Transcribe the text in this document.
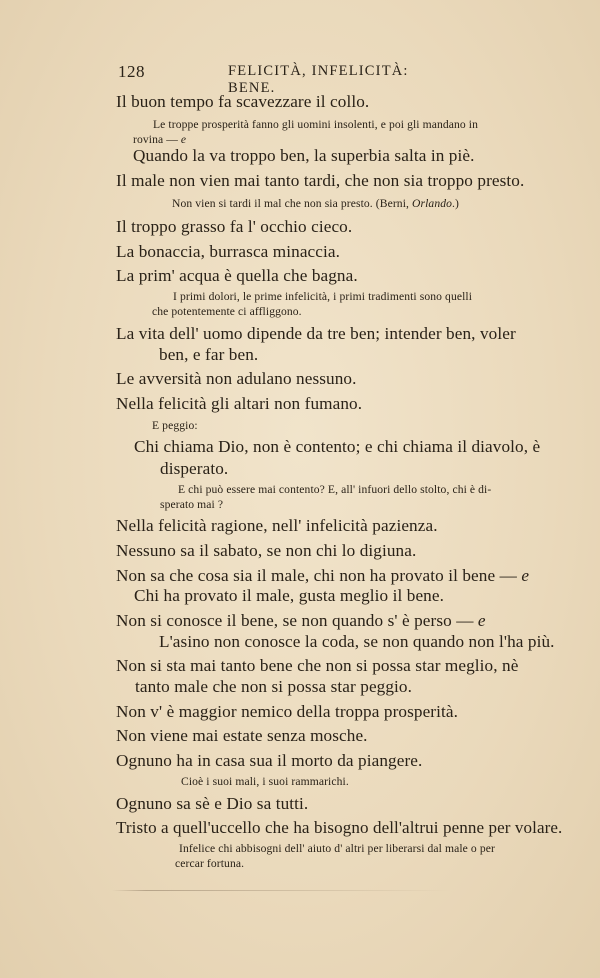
128	FELICITÀ, INFELICITÀ: BENE.
Il buon tempo fa scavezzare il collo.
Le troppe prosperità fanno gli uomini insolenti, e poi gli mandano in
rovina — e
Quando la va troppo ben, la superbia salta in piè.
Il male non vien mai tanto tardi, che non sia troppo presto.
Non vien si tardi il mal che non sia presto. (Berni, Orlando.)
Il troppo grasso fa l' occhio cieco.
La bonaccia, burrasca minaccia.
La prim' acqua è quella che bagna.
I primi dolori, le prime infelicità, i primi tradimenti sono quelli
che potentemente ci affliggono.
La vita dell' uomo dipende da tre ben; intender ben, voler
ben, e far ben.
Le avversità non adulano nessuno.
Nella felicità gli altari non fumano.
E peggio:
Chi chiama Dio, non è contento; e chi chiama il diavolo, è
disperato.
E chi può essere mai contento? E, all' infuori dello stolto, chi è di-
sperato mai ?
Nella felicità ragione, nell' infelicità pazienza.
Nessuno sa il sabato, se non chi lo digiuna.
Non sa che cosa sia il male, chi non ha provato il bene — e
Chi ha provato il male, gusta meglio il bene.
Non si conosce il bene, se non quando s' è perso — e
L'asino non conosce la coda, se non quando non l'ha più.
Non si sta mai tanto bene che non si possa star meglio, nè
tanto male che non si possa star peggio.
Non v' è maggior nemico della troppa prosperità.
Non viene mai estate senza mosche.
Ognuno ha in casa sua il morto da piangere.
Cioè i suoi mali, i suoi rammarichi.
Ognuno sa sè e Dio sa tutti.
Tristo a quell'uccello che ha bisogno dell'altrui penne per volare.
Infelice chi abbisogni dell' aiuto d' altri per liberarsi dal male o per
cercar fortuna.
